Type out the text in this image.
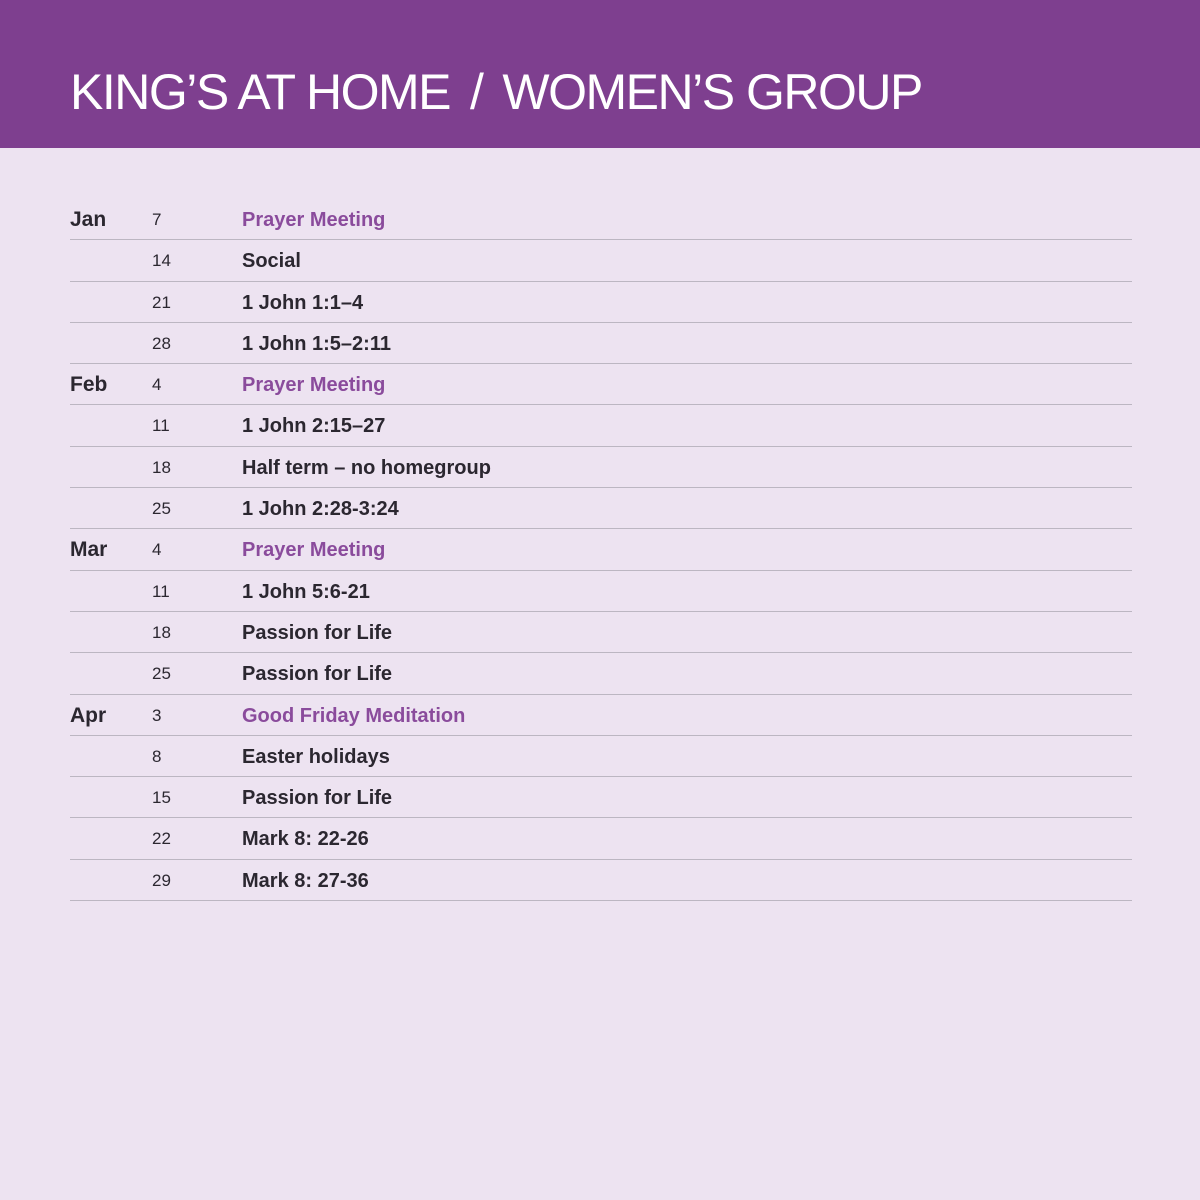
KING’S AT HOME / WOMEN’S GROUP
Jan	7	Prayer Meeting
14	Social
21	1 John 1:1–4
28	1 John 1:5–2:11
Feb	4	Prayer Meeting
11	1 John 2:15–27
18	Half term – no homegroup
25	1 John 2:28-3:24
Mar	4	Prayer Meeting
11	1 John 5:6-21
18	Passion for Life
25	Passion for Life
Apr	3	Good Friday Meditation
8	Easter holidays
15	Passion for Life
22	Mark 8: 22-26
29	Mark 8: 27-36
